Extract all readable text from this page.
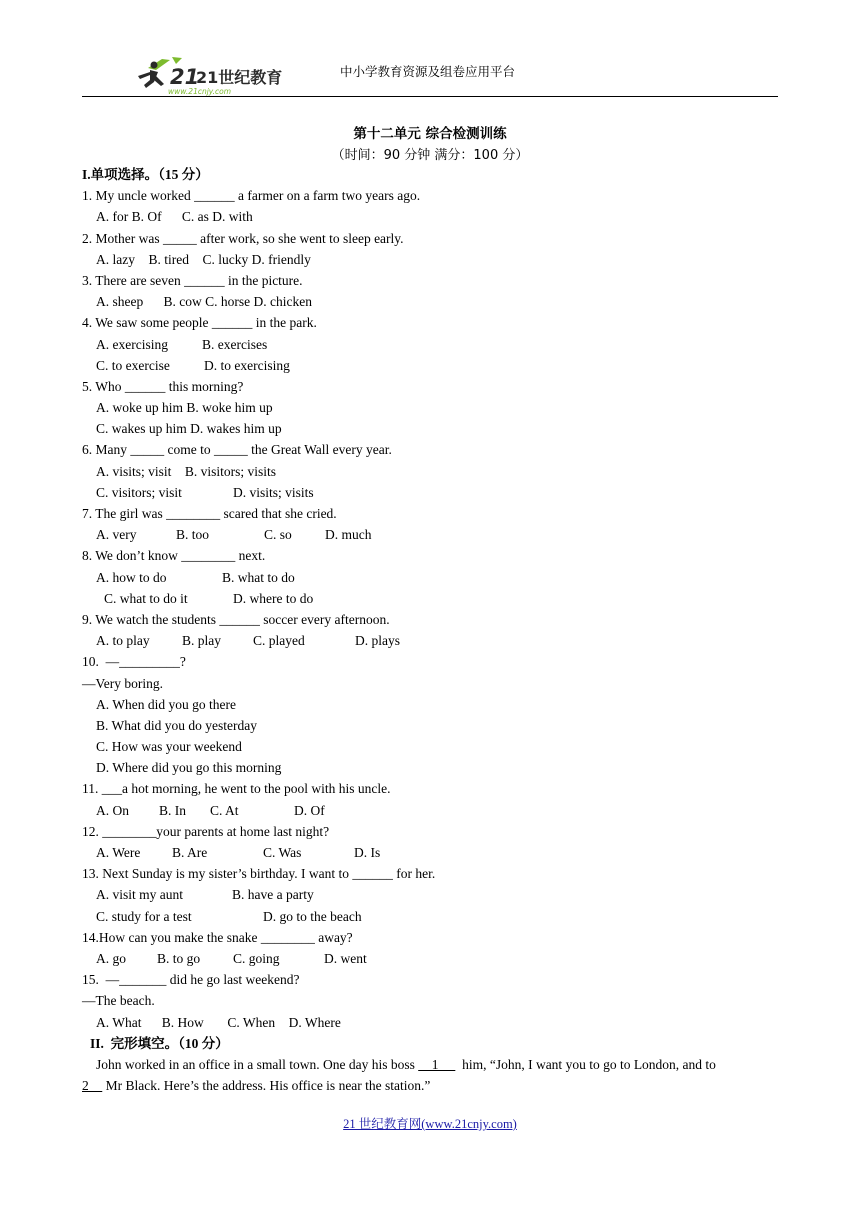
21
21世纪教育
www.21cnjy.com
中小学教育资源及组卷应用平台
第十二单元 综合检测训练
（时间：90 分钟 满分：100 分）
I.单项选择。（15 分）
1. My uncle worked ______ a farmer on a farm two years ago.
A. for B. Of      C. as D. with
2. Mother was _____ after work, so she went to sleep early.
A. lazy    B. tired    C. lucky D. friendly
3. There are seven ______ in the picture.
A. sheep      B. cow C. horse D. chicken
4. We saw some people ______ in the park.
A. exercising	B. exercises
C. to exercise	D. to exercising
5. Who ______ this morning?
A. woke up him B. woke him up
C. wakes up him D. wakes him up
6. Many _____ come to _____ the Great Wall every year.
A. visits; visit    B. visitors; visits
C. visitors; visit	D. visits; visits
7. The girl was ________ scared that she cried.
A. very	B. too	C. so D. much
8. We don’t know ________ next.
A. how to do	B. what to do
C. what to do it	D. where to do
9. We watch the students ______ soccer every afternoon.
A. to play B. play C. played	D. plays
10.  —_________?
—Very boring.
A. When did you go there
B. What did you do yesterday
C. How was your weekend
D. Where did you go this morning
11. ___a hot morning, he went to the pool with his uncle.
A. On B. In C. At	D. Of
12. ________your parents at home last night?
A. Were B. Are	C. Was	D. Is
13. Next Sunday is my sister’s birthday. I want to ______ for her.
A. visit my aunt	B. have a party
C. study for a test	D. go to the beach
14.How can you make the snake ________ away?
A. go B. to go C. going	D. went
15.  —_______ did he go last weekend?
—The beach.
A. What      B. How       C. When    D. Where
II.  完形填空。（10 分）
John worked in an office in a small town. One day his boss     1       him, “John, I want you to go to London, and to
2     Mr Black. Here’s the address. His office is near the station.”
21 世纪教育网(www.21cnjy.com)
